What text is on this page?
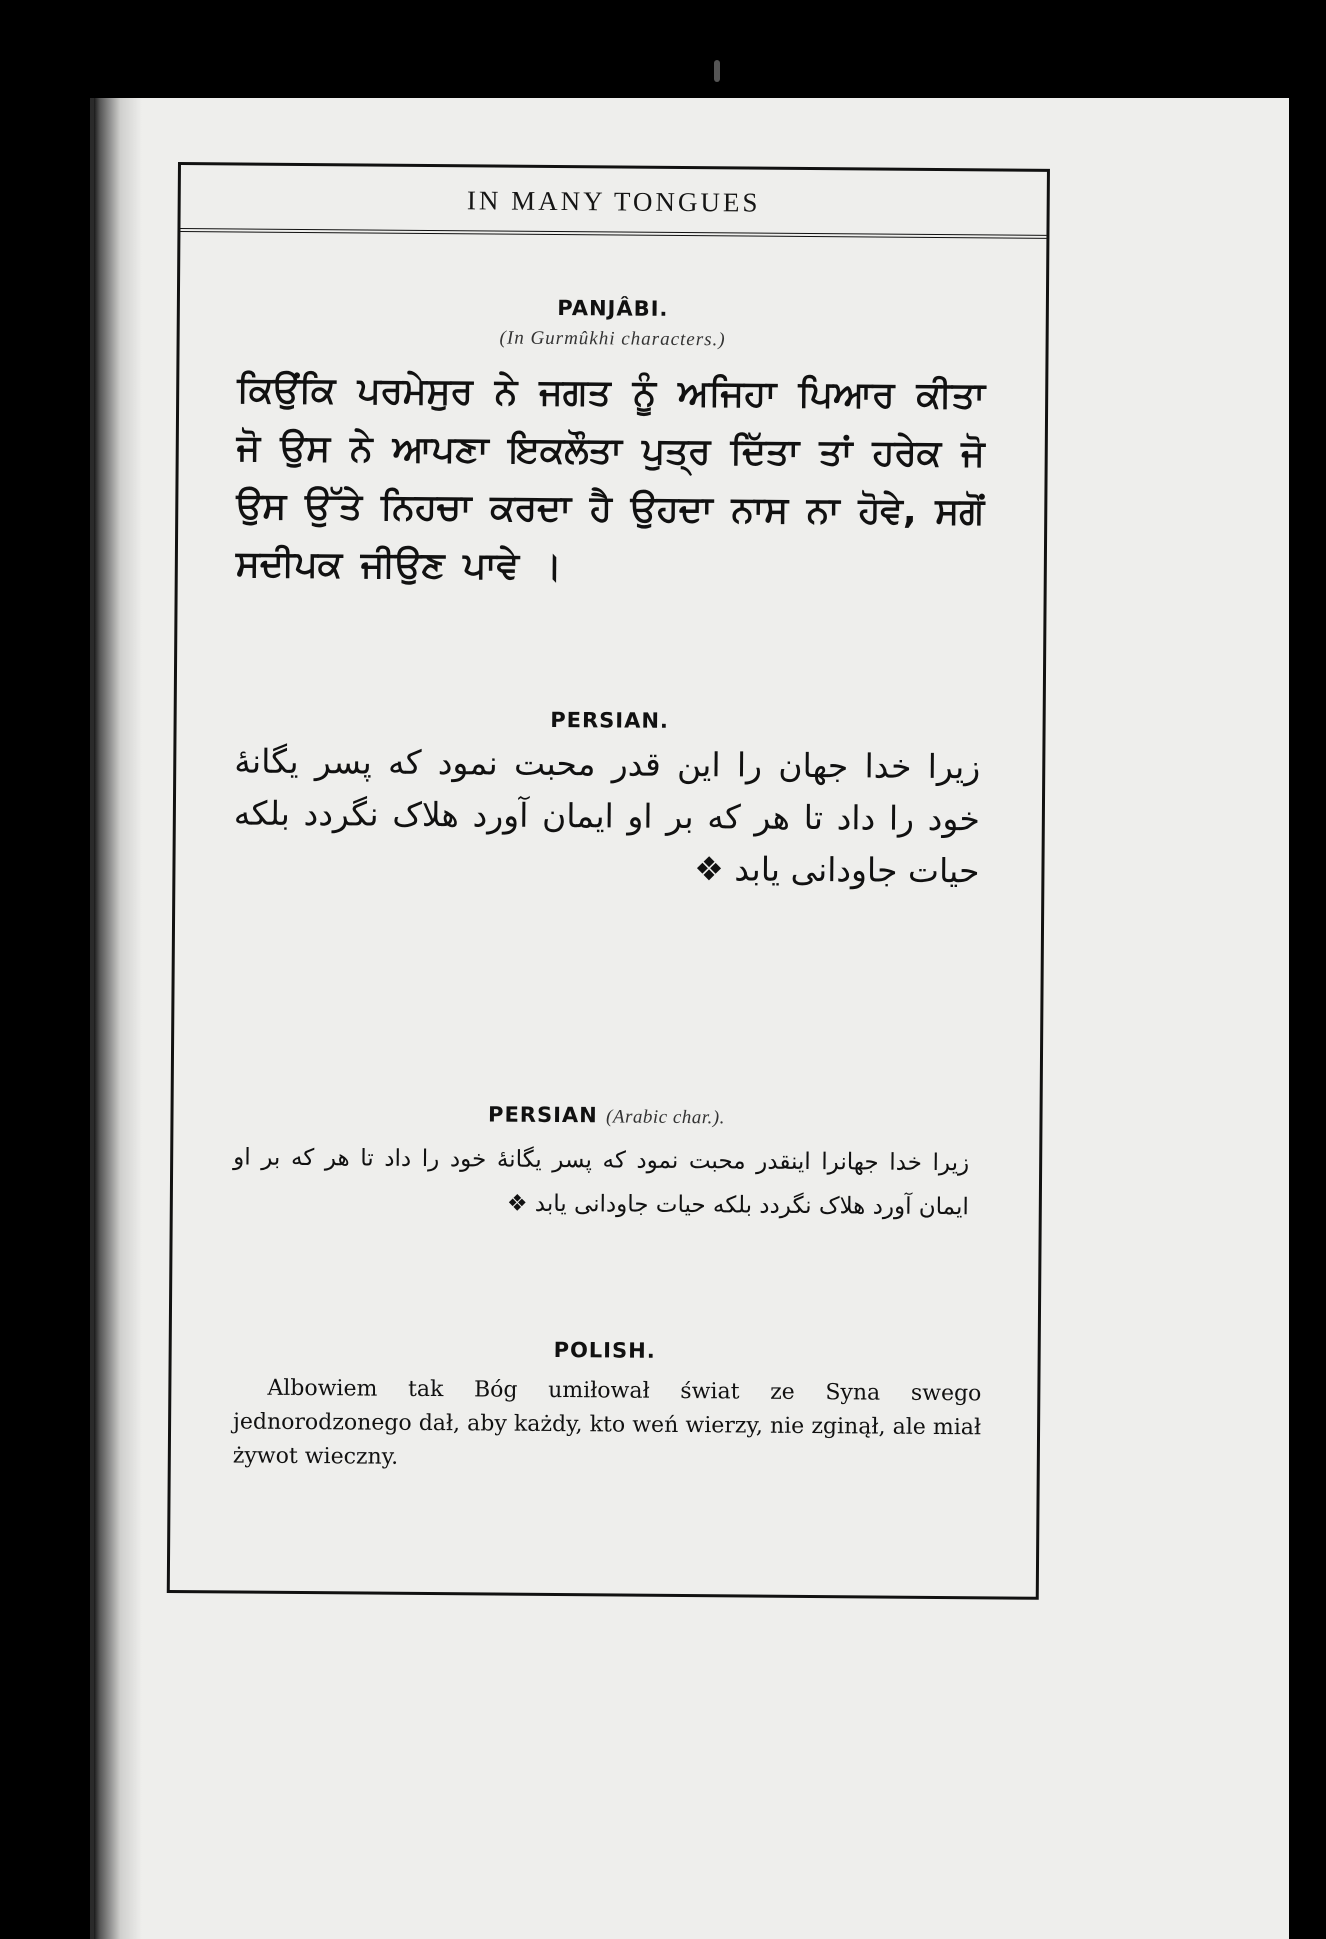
IN MANY TONGUES
PANJÂBI.
(In Gurmûkhi characters.)
ਕਿਉਂਕਿ ਪਰਮੇਸੁਰ ਨੇ ਜਗਤ ਨੂੰ ਅਜਿਹਾ ਪਿਆਰ ਕੀਤਾ ਜੋ ਉਸ ਨੇ ਆਪਣਾ ਇਕਲੌਤਾ ਪੁਤ੍ਰ ਦਿੱਤਾ ਤਾਂ ਹਰੇਕ ਜੋ ਉਸ ਉੱਤੇ ਨਿਹਚਾ ਕਰਦਾ ਹੈ ਉਹਦਾ ਨਾਸ ਨਾ ਹੋਵੇ, ਸਗੋਂ ਸਦੀਪਕ ਜੀਉਣ ਪਾਵੇ ।
PERSIAN.
زیرا خدا جهان را این قدر محبت نمود که پسر یگانهٔ خود را داد تا هر که بر او ایمان آورد هلاک نگردد بلکه حیات جاودانی یابد ❖
PERSIAN (Arabic char.).
زیرا خدا جهانرا اینقدر محبت نمود که پسر یگانهٔ خود را داد تا هر که بر او ایمان آورد هلاک نگردد بلکه حیات جاودانی یابد ❖
POLISH.
Albowiem tak Bóg umiłował świat ze Syna swego jednorodzonego dał, aby każdy, kto weń wierzy, nie zginął, ale miał żywot wieczny.
